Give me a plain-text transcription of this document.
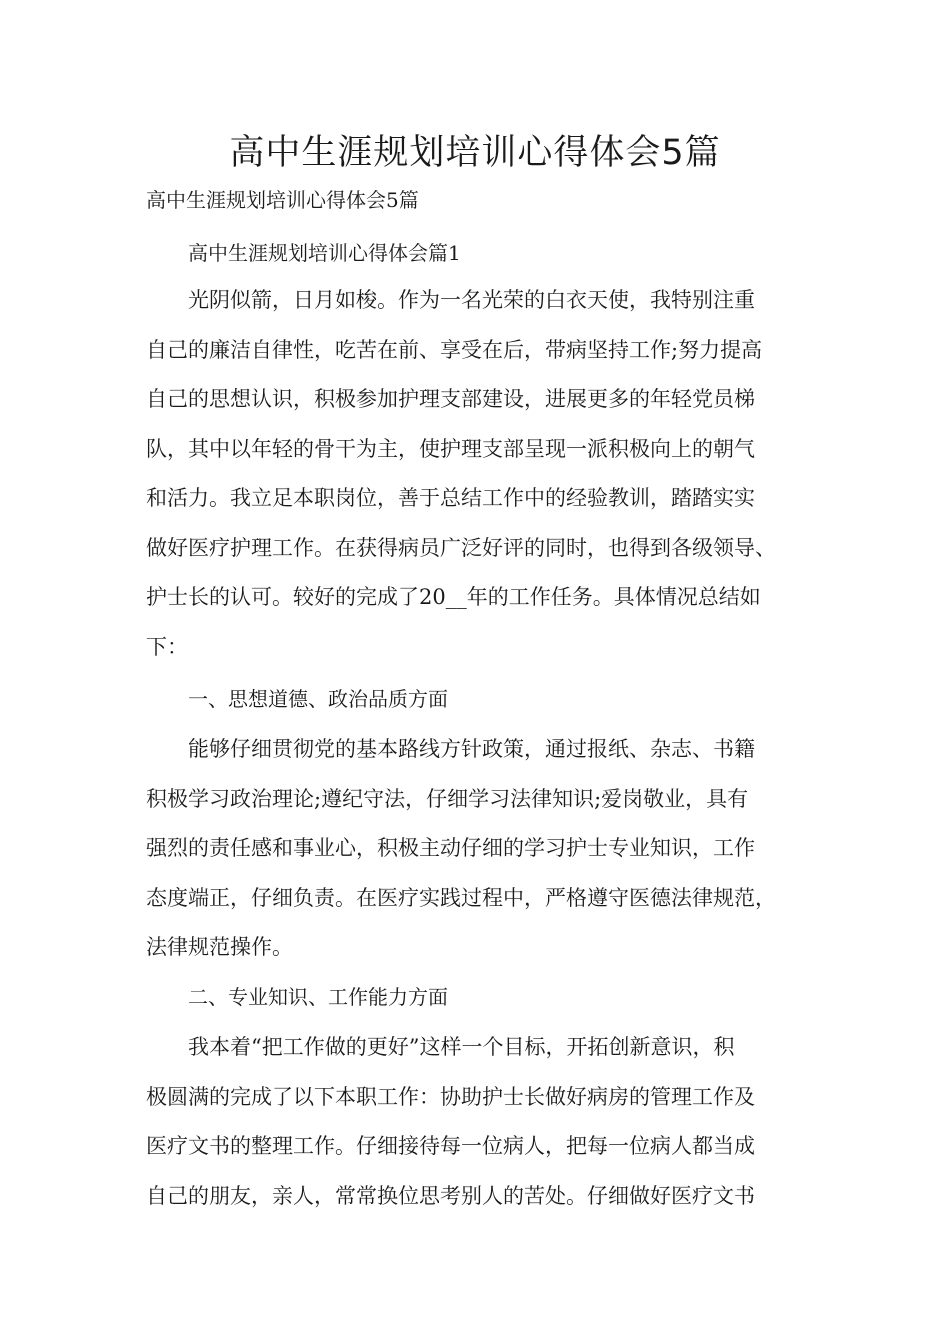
高中生涯规划培训心得体会5篇

高中生涯规划培训心得体会5篇

高中生涯规划培训心得体会篇1
光阴似箭，日月如梭。作为一名光荣的白衣天使，我特别注重
自己的廉洁自律性，吃苦在前、享受在后，带病坚持工作;努力提高
自己的思想认识，积极参加护理支部建设，进展更多的年轻党员梯
队，其中以年轻的骨干为主，使护理支部呈现一派积极向上的朝气
和活力。我立足本职岗位，善于总结工作中的经验教训，踏踏实实
做好医疗护理工作。在获得病员广泛好评的同时，也得到各级领导、
护士长的认可。较好的完成了20__年的工作任务。具体情况总结如
下：
一、思想道德、政治品质方面
能够仔细贯彻党的基本路线方针政策，通过报纸、杂志、书籍
积极学习政治理论;遵纪守法，仔细学习法律知识;爱岗敬业，具有
强烈的责任感和事业心，积极主动仔细的学习护士专业知识，工作
态度端正，仔细负责。在医疗实践过程中，严格遵守医德法律规范，
法律规范操作。
二、专业知识、工作能力方面
我本着“把工作做的更好”这样一个目标，开拓创新意识，积
极圆满的完成了以下本职工作：协助护士长做好病房的管理工作及
医疗文书的整理工作。仔细接待每一位病人，把每一位病人都当成
自己的朋友，亲人，常常换位思考别人的苦处。仔细做好医疗文书
